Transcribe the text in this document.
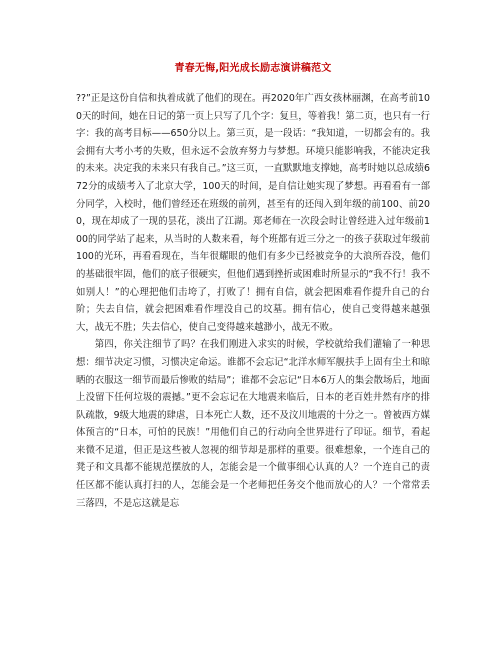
青春无悔,阳光成长励志演讲稿范文

??”正是这份自信和执着成就了他们的现在。再2020年广西女孩林丽渊，在高考前100天的时间，她在日记的第一页上只写了几个字：复旦，等着我！第二页，也只有一行字：我的高考目标——650分以上。第三页，是一段话：“我知道，一切都会有的。我会拥有大考小考的失败，但永远不会放弃努力与梦想。环境只能影响我，不能决定我的未来。决定我的未来只有我自己。”这三页，一直默默地支撑她，高考时她以总成绩672分的成绩考入了北京大学，100天的时间，是自信让她实现了梦想。再看看有一部分同学，入校时，他们曾经还在班级的前列，甚至有的还闯入到年级的前100、前200，现在却成了一现的昙花，淡出了江湖。郑老师在一次段会时让曾经进入过年级前100的同学站了起来，从当时的人数来看，每个班都有近三分之一的孩子获取过年级前100的光环，再看看现在，当年很耀眼的他们有多少已经被竞争的大浪所吞没，他们的基础很牢固，他们的底子很硬实，但他们遇到挫折或困难时所显示的“我不行！我不如别人！”的心理把他们击垮了，打败了！拥有自信，就会把困难看作提升自己的台阶；失去自信，就会把困难看作埋没自己的坟墓。拥有信心，使自己变得越来越强大，战无不胜；失去信心，使自己变得越来越渺小，战无不败。

第四，你关注细节了吗？在我们刚进入求实的时候，学校就给我们灌输了一种思想：细节决定习惯，习惯决定命运。谁都不会忘记“北洋水师军舰扶手上固有尘土和晾晒的衣服这一细节而最后惨败的结局”；谁都不会忘记“日本6万人的集会散场后，地面上没留下任何垃圾的震撼。”更不会忘记在大地震来临后，日本的老百姓井然有序的排队疏散，9级大地震的肆虐，日本死亡人数，还不及汶川地震的十分之一。曾被西方媒体预言的“日本，可怕的民族！”用他们自己的行动向全世界进行了印证。细节，看起来微不足道，但正是这些被人忽视的细节却是那样的重要。很难想象，一个连自己的凳子和文具都不能规范摆放的人，怎能会是一个做事细心认真的人？一个连自己的责任区都不能认真打扫的人，怎能会是一个老师把任务交个他而放心的人？一个常常丢三落四，不是忘这就是忘
